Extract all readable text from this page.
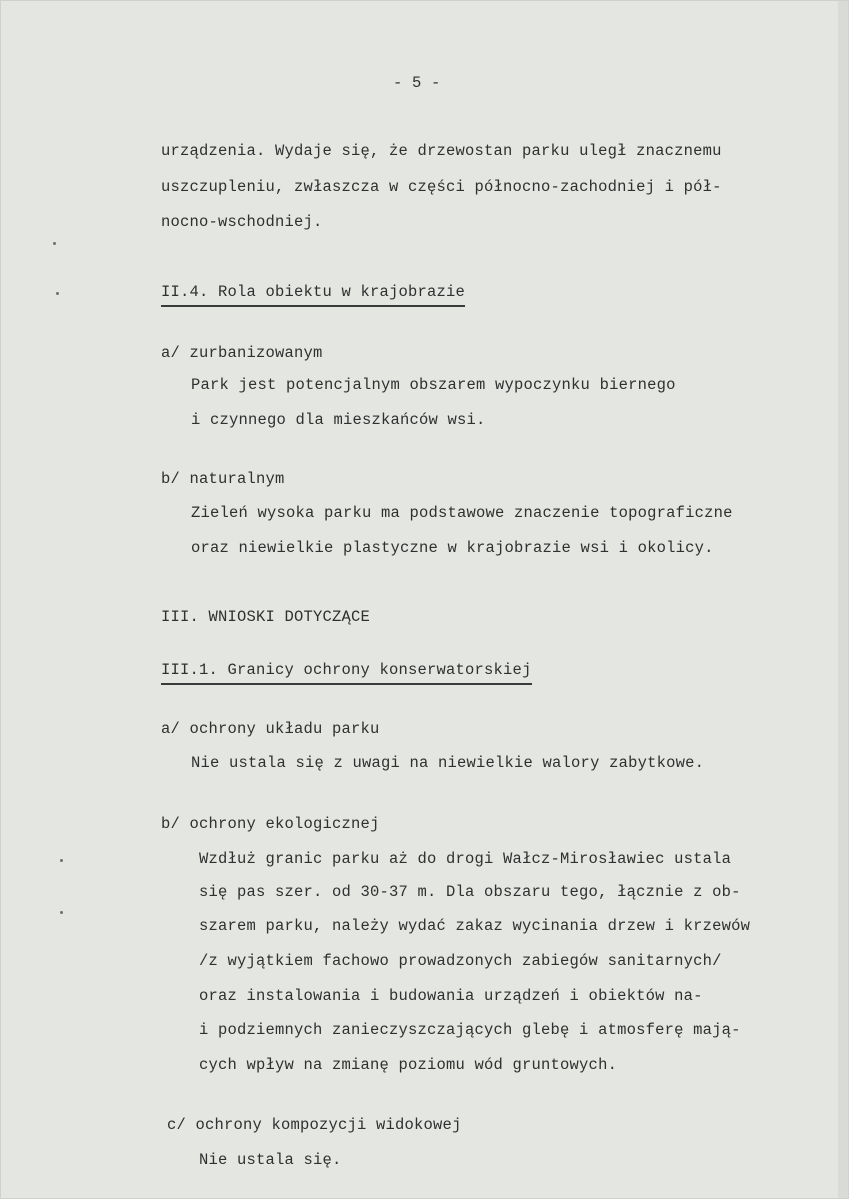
- 5 -
urządzenia. Wydaje się, że drzewostan parku uległ znacznemu
uszczupleniu, zwłaszcza w części północno-zachodniej i pół-
nocno-wschodniej.
II.4. Rola obiektu w krajobrazie
a/ zurbanizowanym
Park jest potencjalnym obszarem wypoczynku biernego
i czynnego dla mieszkańców wsi.
b/ naturalnym
Zieleń wysoka parku ma podstawowe znaczenie topograficzne
oraz niewielkie plastyczne w krajobrazie wsi i okolicy.
III. WNIOSKI DOTYCZĄCE
III.1. Granicy ochrony konserwatorskiej
a/ ochrony układu parku
Nie ustala się z uwagi na niewielkie walory zabytkowe.
b/ ochrony ekologicznej
Wzdłuż granic parku aż do drogi Wałcz-Mirosławiec ustala
się pas szer. od 30-37 m. Dla obszaru tego, łącznie z ob-
szarem parku, należy wydać zakaz wycinania drzew i krzewów
/z wyjątkiem fachowo prowadzonych zabiegów sanitarnych/
oraz instalowania i budowania urządzeń i obiektów na-
i podziemnych zanieczyszczających glebę i atmosferę mają-
cych wpływ na zmianę poziomu wód gruntowych.
c/ ochrony kompozycji widokowej
Nie ustala się.
